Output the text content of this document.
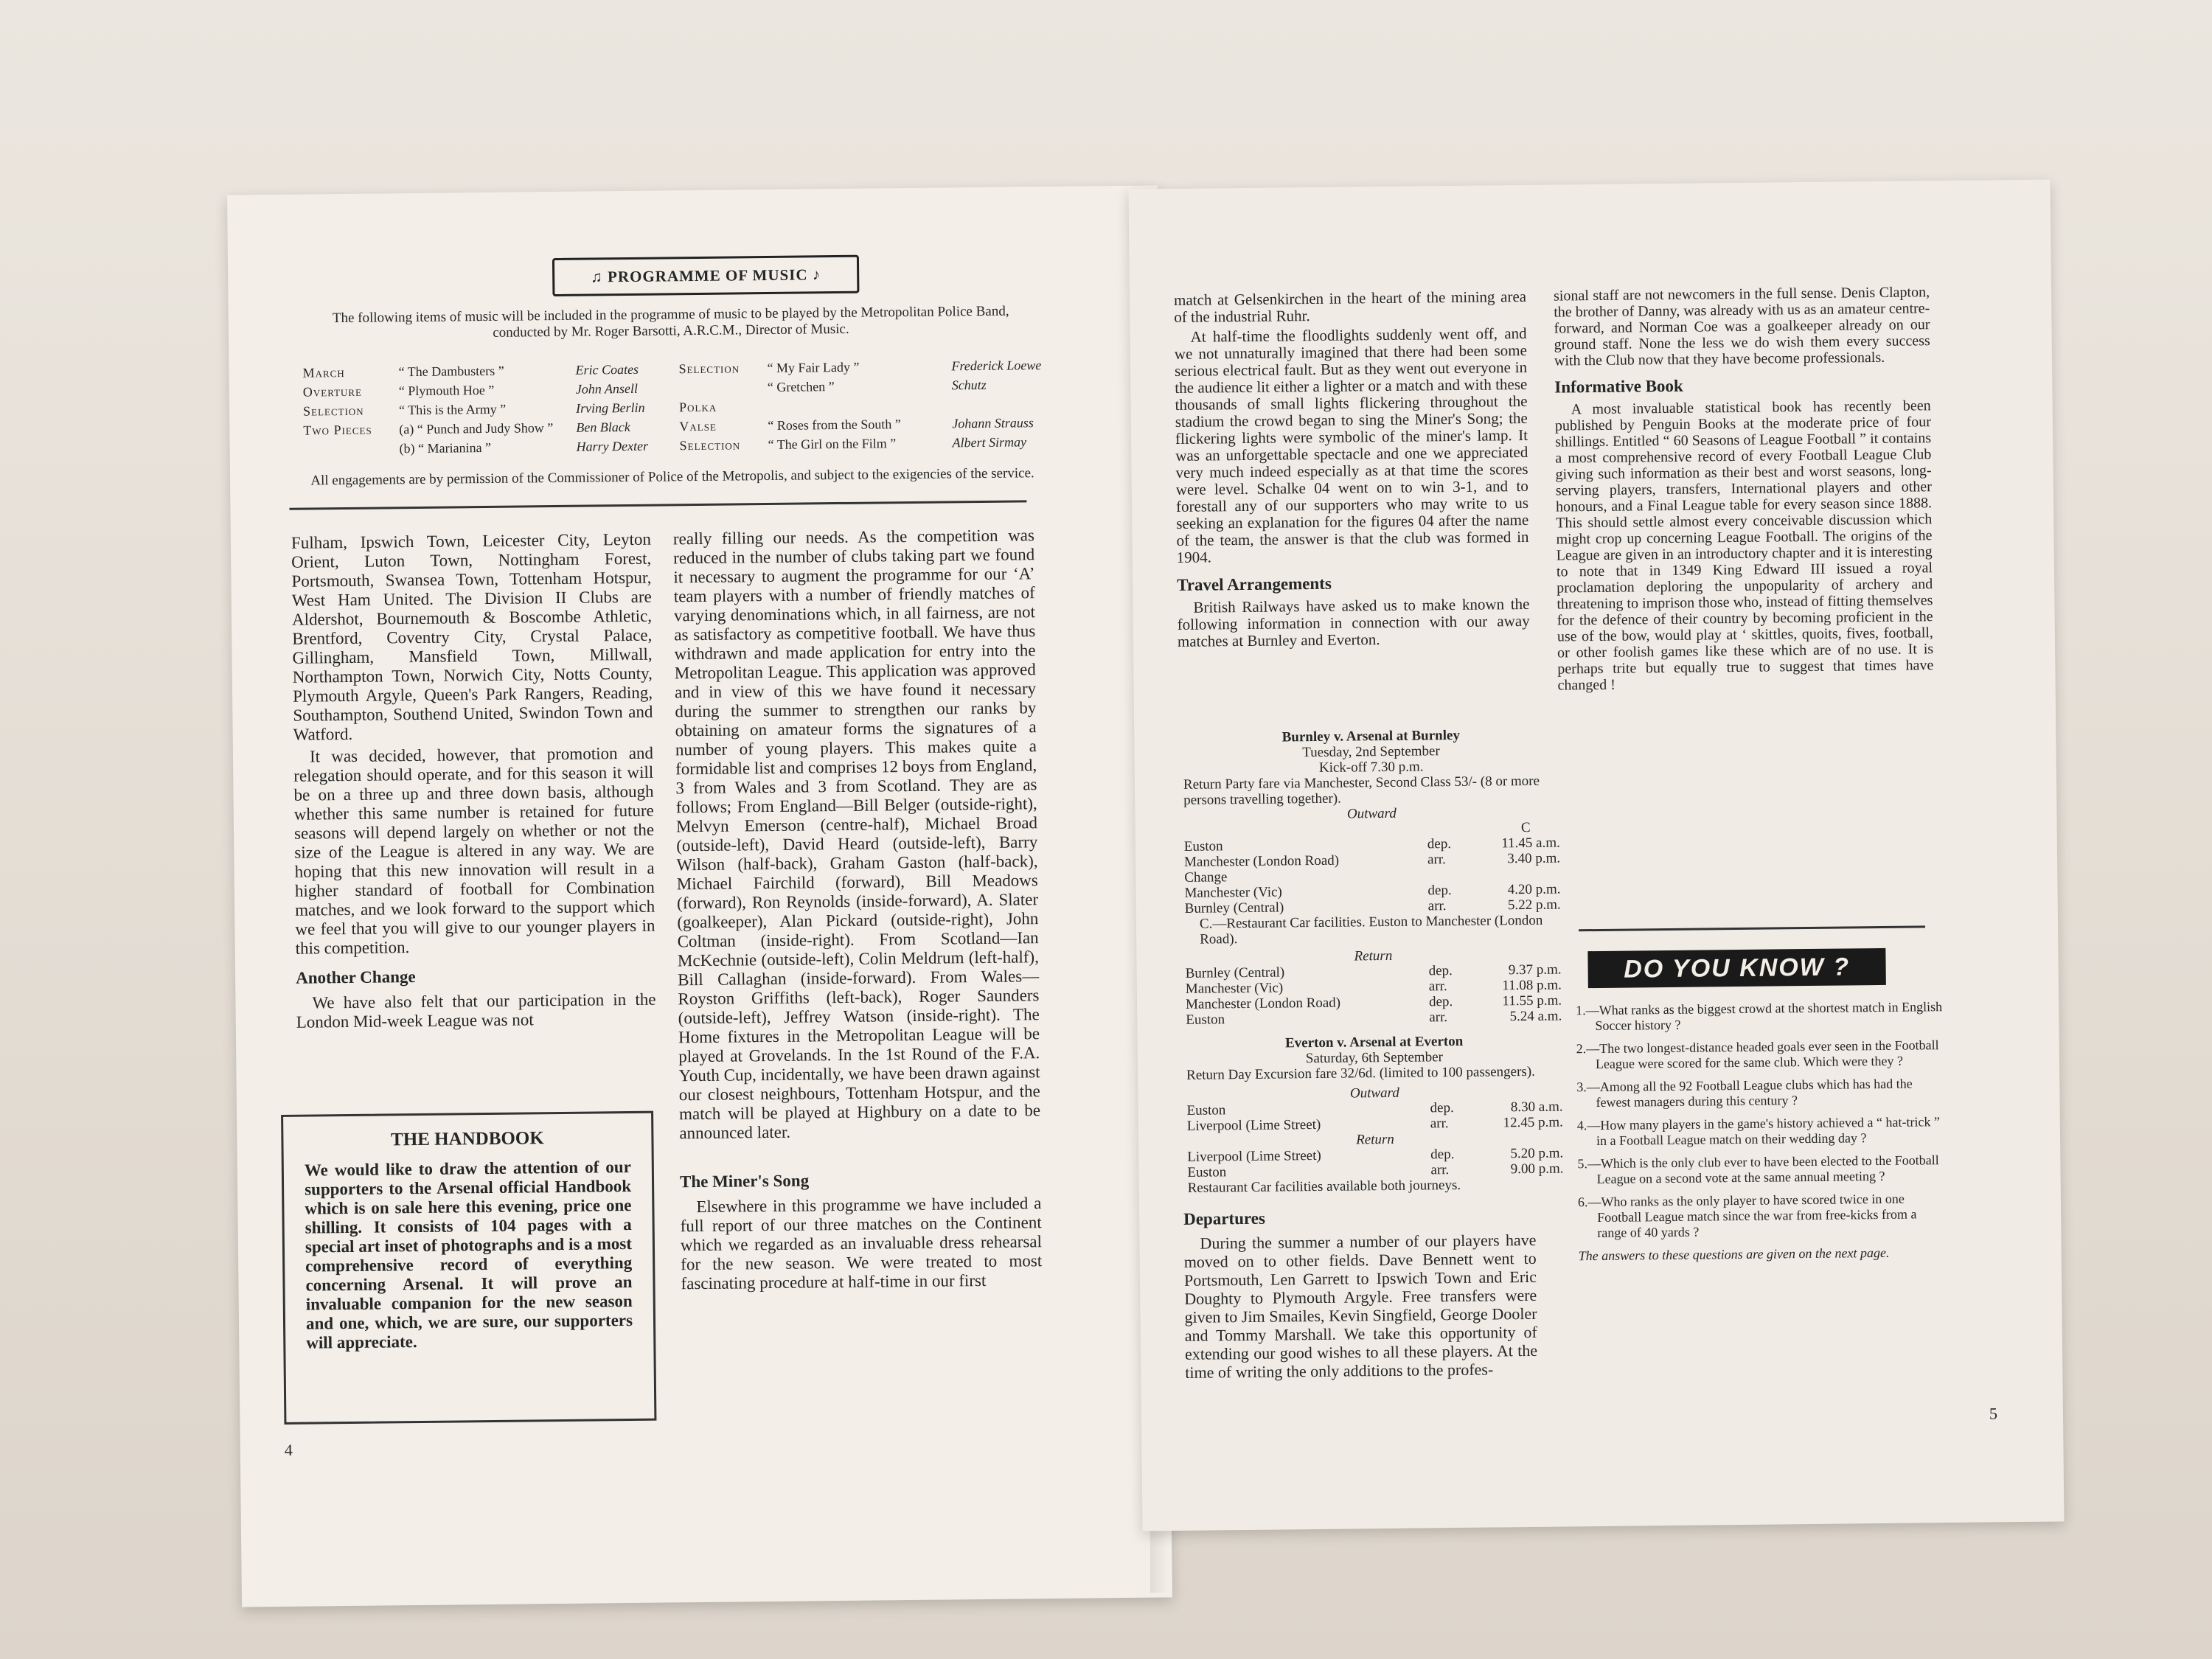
♫ PROGRAMME OF MUSIC ♪
The following items of music will be included in the programme of music to be played by the Metropolitan Police Band, conducted by Mr. Roger Barsotti, A.R.C.M., Director of Music.
March	“ The Dambusters ”	Eric Coates
Overture	“ Plymouth Hoe ”	John Ansell
Selection	“ This is the Army ”	Irving Berlin
Two Pieces (a) “ Punch and Judy Show ” Ben Black
(b) “ Marianina ”	Harry Dexter
Selection “ My Fair Lady ”	Frederick Loewe
“ Gretchen ”	Schutz
Polka
Valse	“ Roses from the South ”	Johann Strauss
Selection “ The Girl on the Film ”	Albert Sirmay
All engagements are by permission of the Commissioner of Police of the Metropolis, and subject to the exigencies of the service.

Fulham, Ipswich Town, Leicester City, Leyton Orient, Luton Town, Nottingham Forest, Portsmouth, Swansea Town, Tottenham Hotspur, West Ham United. The Division II Clubs are Aldershot, Bournemouth & Boscombe Athletic, Brentford, Coventry City, Crystal Palace, Gillingham, Mansfield Town, Millwall, Northampton Town, Norwich City, Notts County, Plymouth Argyle, Queen's Park Rangers, Reading, Southampton, Southend United, Swindon Town and Watford.

It was decided, however, that promotion and relegation should operate, and for this season it will be on a three up and three down basis, although whether this same number is retained for future seasons will depend largely on whether or not the size of the League is altered in any way. We are hoping that this new innovation will result in a higher standard of football for Combination matches, and we look forward to the support which we feel that you will give to our younger players in this competition.

Another Change

We have also felt that our participation in the London Mid-week League was not

THE HANDBOOK
We would like to draw the attention of our supporters to the Arsenal official Handbook which is on sale here this evening, price one shilling. It consists of 104 pages with a special art inset of photographs and is a most comprehensive record of everything concerning Arsenal. It will prove an invaluable companion for the new season and one, which, we are sure, our supporters will appreciate.

really filling our needs. As the competition was reduced in the number of clubs taking part we found it necessary to augment the programme for our ‘A’ team players with a number of friendly matches of varying denominations which, in all fairness, are not as satisfactory as competitive football. We have thus withdrawn and made application for entry into the Metropolitan League. This application was approved and in view of this we have found it necessary during the summer to strengthen our ranks by obtaining on amateur forms the signatures of a number of young players. This makes quite a formidable list and comprises 12 boys from England, 3 from Wales and 3 from Scotland. They are as follows; From England—Bill Belger (outside-right), Melvyn Emerson (centre-half), Michael Broad (outside-left), David Heard (outside-left), Barry Wilson (half-back), Graham Gaston (half-back), Michael Fairchild (forward), Bill Meadows (forward), Ron Reynolds (inside-forward), A. Slater (goalkeeper), Alan Pickard (outside-right), John Coltman (inside-right). From Scotland—Ian McKechnie (outside-left), Colin Meldrum (left-half), Bill Callaghan (inside-forward). From Wales—Royston Griffiths (left-back), Roger Saunders (outside-left), Jeffrey Watson (inside-right). The Home fixtures in the Metropolitan League will be played at Grovelands. In the 1st Round of the F.A. Youth Cup, incidentally, we have been drawn against our closest neighbours, Tottenham Hotspur, and the match will be played at Highbury on a date to be announced later.

The Miner's Song

Elsewhere in this programme we have included a full report of our three matches on the Continent which we regarded as an invaluable dress rehearsal for the new season. We were treated to most fascinating procedure at half-time in our first

4

match at Gelsenkirchen in the heart of the mining area of the industrial Ruhr.

At half-time the floodlights suddenly went off, and we not unnaturally imagined that there had been some serious electrical fault. But as they went out everyone in the audience lit either a lighter or a match and with these thousands of small lights flickering throughout the stadium the crowd began to sing the Miner's Song; the flickering lights were symbolic of the miner's lamp. It was an unforgettable spectacle and one we appreciated very much indeed especially as at that time the scores were level. Schalke 04 went on to win 3-1, and to forestall any of our supporters who may write to us seeking an explanation for the figures 04 after the name of the team, the answer is that the club was formed in 1904.

Travel Arrangements

British Railways have asked us to make known the following information in connection with our away matches at Burnley and Everton.

Burnley v. Arsenal at Burnley
Tuesday, 2nd September
Kick-off 7.30 p.m.
Return Party fare via Manchester, Second Class 53/- (8 or more persons travelling together).
Outward
C
Euston	dep.	11.45 a.m.
Manchester (London Road)	arr.	3.40 p.m.
Change
Manchester (Vic)	dep.	4.20 p.m.
Burnley (Central)	arr.	5.22 p.m.
C.—Restaurant Car facilities. Euston to Manchester (London Road).
Return
Burnley (Central)	dep.	9.37 p.m.
Manchester (Vic)	arr.	11.08 p.m.
Manchester (London Road)	dep.	11.55 p.m.
Euston	arr.	5.24 a.m.
Everton v. Arsenal at Everton
Saturday, 6th September
Return Day Excursion fare 32/6d. (limited to 100 passengers).
Outward
Euston	dep.	8.30 a.m.
Liverpool (Lime Street)	arr.	12.45 p.m.
Return
Liverpool (Lime Street)	dep.	5.20 p.m.
Euston	arr.	9.00 p.m.
Restaurant Car facilities available both journeys.
Departures

During the summer a number of our players have moved on to other fields. Dave Bennett went to Portsmouth, Len Garrett to Ipswich Town and Eric Doughty to Plymouth Argyle. Free transfers were given to Jim Smailes, Kevin Singfield, George Dooler and Tommy Marshall. We take this opportunity of extending our good wishes to all these players. At the time of writing the only additions to the profes-

sional staff are not newcomers in the full sense. Denis Clapton, the brother of Danny, was already with us as an amateur centre-forward, and Norman Coe was a goalkeeper already on our ground staff. None the less we do wish them every success with the Club now that they have become professionals.

Informative Book

A most invaluable statistical book has recently been published by Penguin Books at the moderate price of four shillings. Entitled “ 60 Seasons of League Football ” it contains a most comprehensive record of every Football League Club giving such information as their best and worst seasons, long-serving players, transfers, International players and other honours, and a Final League table for every season since 1888. This should settle almost every conceivable discussion which might crop up concerning League Football. The origins of the League are given in an introductory chapter and it is interesting to note that in 1349 King Edward III issued a royal proclamation deploring the unpopularity of archery and threatening to imprison those who, instead of fitting themselves for the defence of their country by becoming proficient in the use of the bow, would play at ‘ skittles, quoits, fives, football, or other foolish games like these which are of no use. It is perhaps trite but equally true to suggest that times have changed !

DO YOU KNOW ?
1.—What ranks as the biggest crowd at the shortest match in English Soccer history ?
2.—The two longest-distance headed goals ever seen in the Football League were scored for the same club. Which were they ?
3.—Among all the 92 Football League clubs which has had the fewest managers during this century ?
4.—How many players in the game's history achieved a “ hat-trick ” in a Football League match on their wedding day ?
5.—Which is the only club ever to have been elected to the Football League on a second vote at the same annual meeting ?
6.—Who ranks as the only player to have scored twice in one Football League match since the war from free-kicks from a range of 40 yards ?
The answers to these questions are given on the next page.
5
